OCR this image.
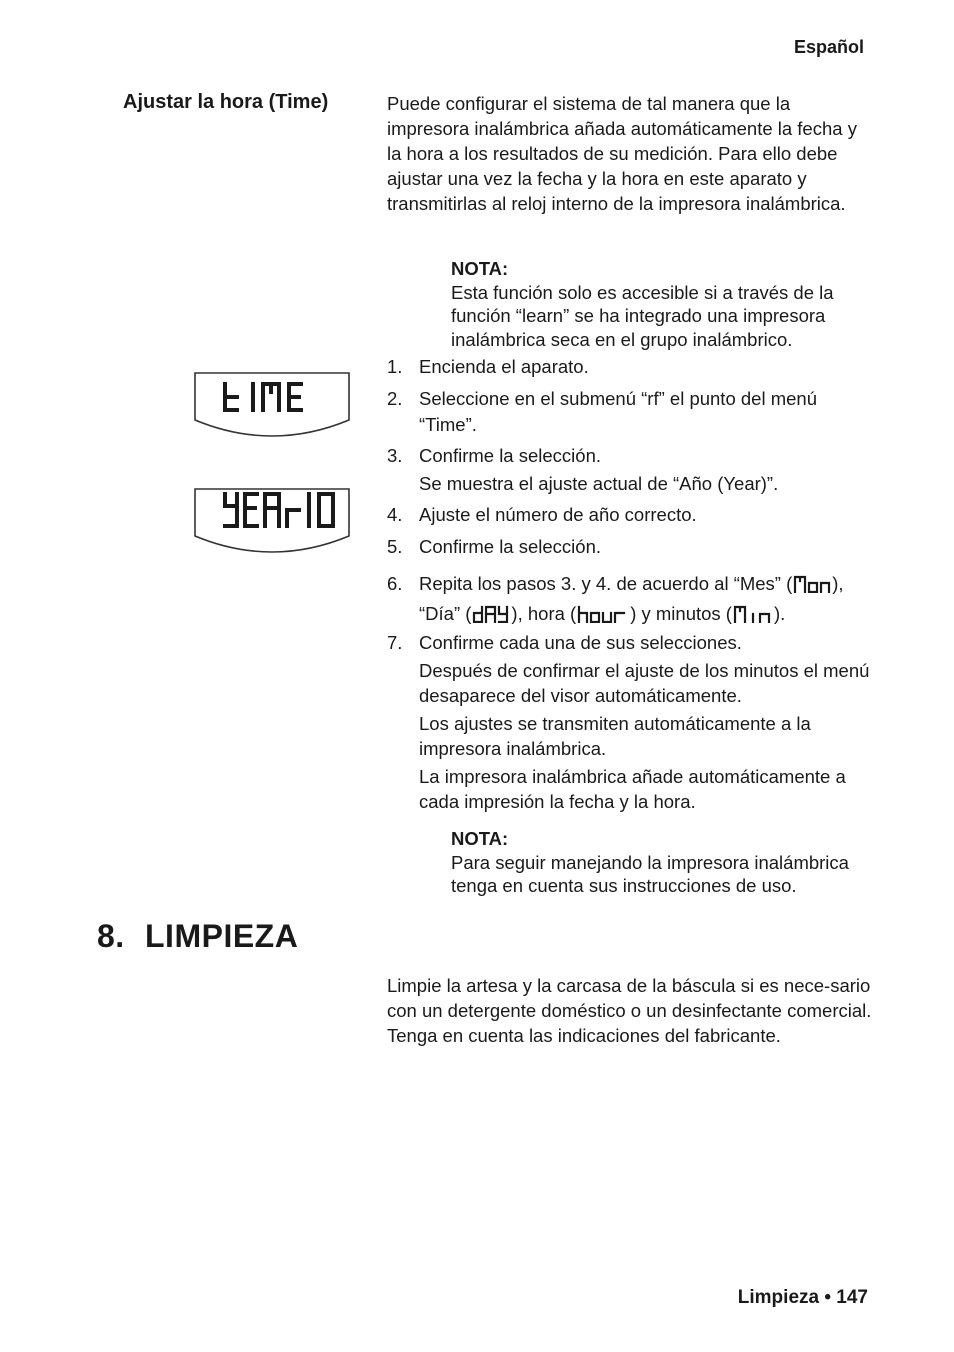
Español
Ajustar la hora (Time)	Puede configurar el sistema de tal manera que la impresora inalámbrica añada automáticamente la fecha y la hora a los resultados de su medición. Para ello debe ajustar una vez la fecha y la hora en este aparato y transmitirlas al reloj interno de la impresora inalámbrica.
NOTA:
Esta función solo es accesible si a través de la función “learn” se ha integrado una impresora inalámbrica seca en el grupo inalámbrico.
1. Encienda el aparato.
2. Seleccione en el submenú “rf” el punto del menú “Time”.
3. Confirme la selección.
Se muestra el ajuste actual de “Año (Year)”.
4. Ajuste el número de año correcto.
5. Confirme la selección.
6. Repita los pasos 3. y 4. de acuerdo al “Mes” ( ),
“Día” ( ), hora (	) y minutos ( ).
7. Confirme cada una de sus selecciones.
Después de confirmar el ajuste de los minutos el menú desaparece del visor automáticamente.
Los ajustes se transmiten automáticamente a la impresora inalámbrica.
La impresora inalámbrica añade automáticamente a cada impresión la fecha y la hora.
NOTA:
Para seguir manejando la impresora inalámbrica tenga en cuenta sus instrucciones de uso.
8. LIMPIEZA
Limpie la artesa y la carcasa de la báscula si es nece-sario con un detergente doméstico o un desinfectante comercial. Tenga en cuenta las indicaciones del fabricante.
Limpieza • 147
